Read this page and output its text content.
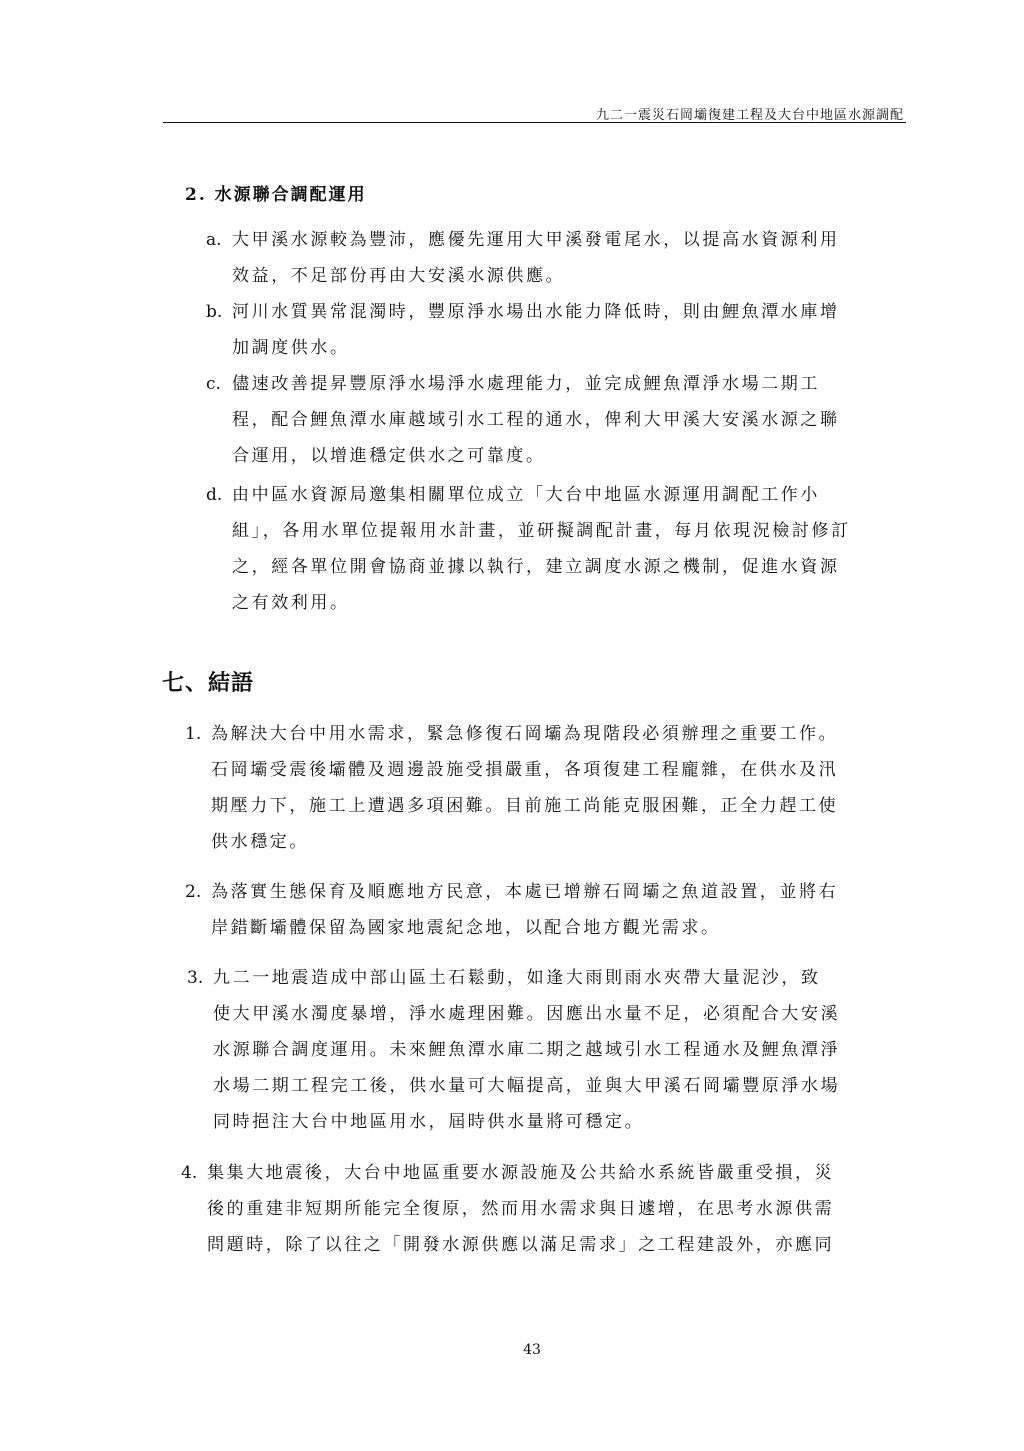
九二一震災石岡壩復建工程及大台中地區水源調配
2. 水源聯合調配運用
a. 大甲溪水源較為豐沛，應優先運用大甲溪發電尾水，以提高水資源利用
效益，不足部份再由大安溪水源供應。
b. 河川水質異常混濁時，豐原淨水場出水能力降低時，則由鯉魚潭水庫增
加調度供水。
c. 儘速改善提昇豐原淨水場淨水處理能力，並完成鯉魚潭淨水場二期工
程，配合鯉魚潭水庫越域引水工程的通水，俾利大甲溪大安溪水源之聯
合運用，以增進穩定供水之可靠度。
d. 由中區水資源局邀集相關單位成立「大台中地區水源運用調配工作小
組」，各用水單位提報用水計畫，並研擬調配計畫，每月依現況檢討修訂
之，經各單位開會協商並據以執行，建立調度水源之機制，促進水資源
之有效利用。
七、結語
1. 為解決大台中用水需求，緊急修復石岡壩為現階段必須辦理之重要工作。
石岡壩受震後壩體及週邊設施受損嚴重，各項復建工程龐雜，在供水及汛
期壓力下，施工上遭遇多項困難。目前施工尚能克服困難，正全力趕工使
供水穩定。
2. 為落實生態保育及順應地方民意，本處已增辦石岡壩之魚道設置，並將右
岸錯斷壩體保留為國家地震紀念地，以配合地方觀光需求。
3. 九二一地震造成中部山區土石鬆動，如逢大雨則雨水夾帶大量泥沙，致
使大甲溪水濁度暴增，淨水處理困難。因應出水量不足，必須配合大安溪
水源聯合調度運用。未來鯉魚潭水庫二期之越域引水工程通水及鯉魚潭淨
水場二期工程完工後，供水量可大幅提高，並與大甲溪石岡壩豐原淨水場
同時挹注大台中地區用水，屆時供水量將可穩定。
4. 集集大地震後，大台中地區重要水源設施及公共給水系統皆嚴重受損，災
後的重建非短期所能完全復原，然而用水需求與日遽增，在思考水源供需
問題時，除了以往之「開發水源供應以滿足需求」之工程建設外，亦應同
43
